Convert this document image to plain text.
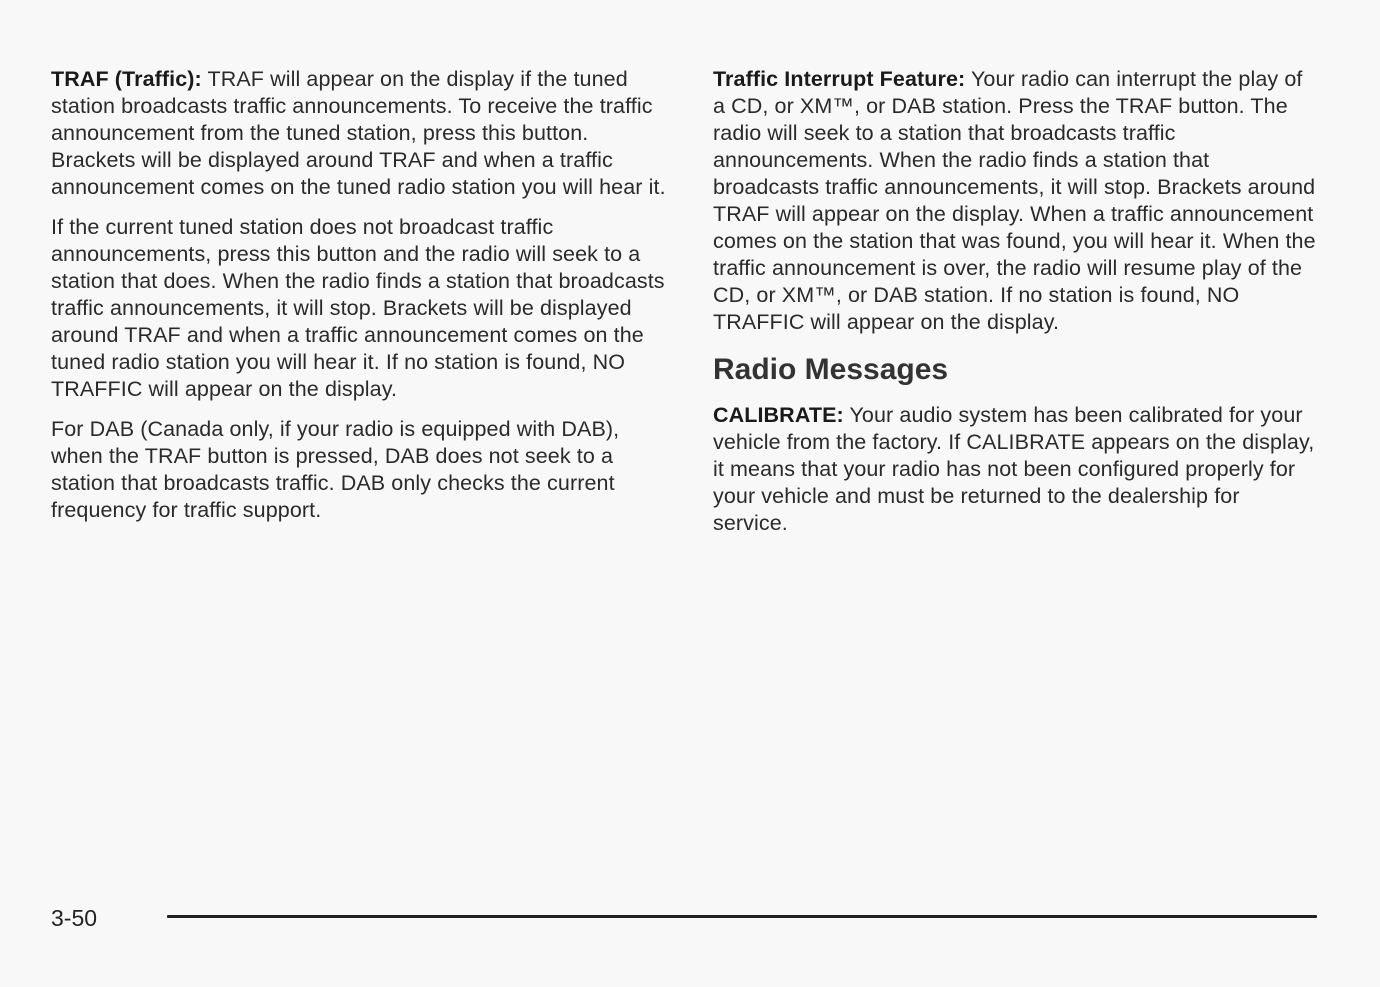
TRAF (Traffic): TRAF will appear on the display if the tuned station broadcasts traffic announcements. To receive the traffic announcement from the tuned station, press this button. Brackets will be displayed around TRAF and when a traffic announcement comes on the tuned radio station you will hear it.

If the current tuned station does not broadcast traffic announcements, press this button and the radio will seek to a station that does. When the radio finds a station that broadcasts traffic announcements, it will stop. Brackets will be displayed around TRAF and when a traffic announcement comes on the tuned radio station you will hear it. If no station is found, NO TRAFFIC will appear on the display.

For DAB (Canada only, if your radio is equipped with DAB), when the TRAF button is pressed, DAB does not seek to a station that broadcasts traffic. DAB only checks the current frequency for traffic support.

Traffic Interrupt Feature: Your radio can interrupt the play of a CD, or XM™, or DAB station. Press the TRAF button. The radio will seek to a station that broadcasts traffic announcements. When the radio finds a station that broadcasts traffic announcements, it will stop. Brackets around TRAF will appear on the display. When a traffic announcement comes on the station that was found, you will hear it. When the traffic announcement is over, the radio will resume play of the CD, or XM™, or DAB station. If no station is found, NO TRAFFIC will appear on the display.

Radio Messages

CALIBRATE: Your audio system has been calibrated for your vehicle from the factory. If CALIBRATE appears on the display, it means that your radio has not been configured properly for your vehicle and must be returned to the dealership for service.

3-50
